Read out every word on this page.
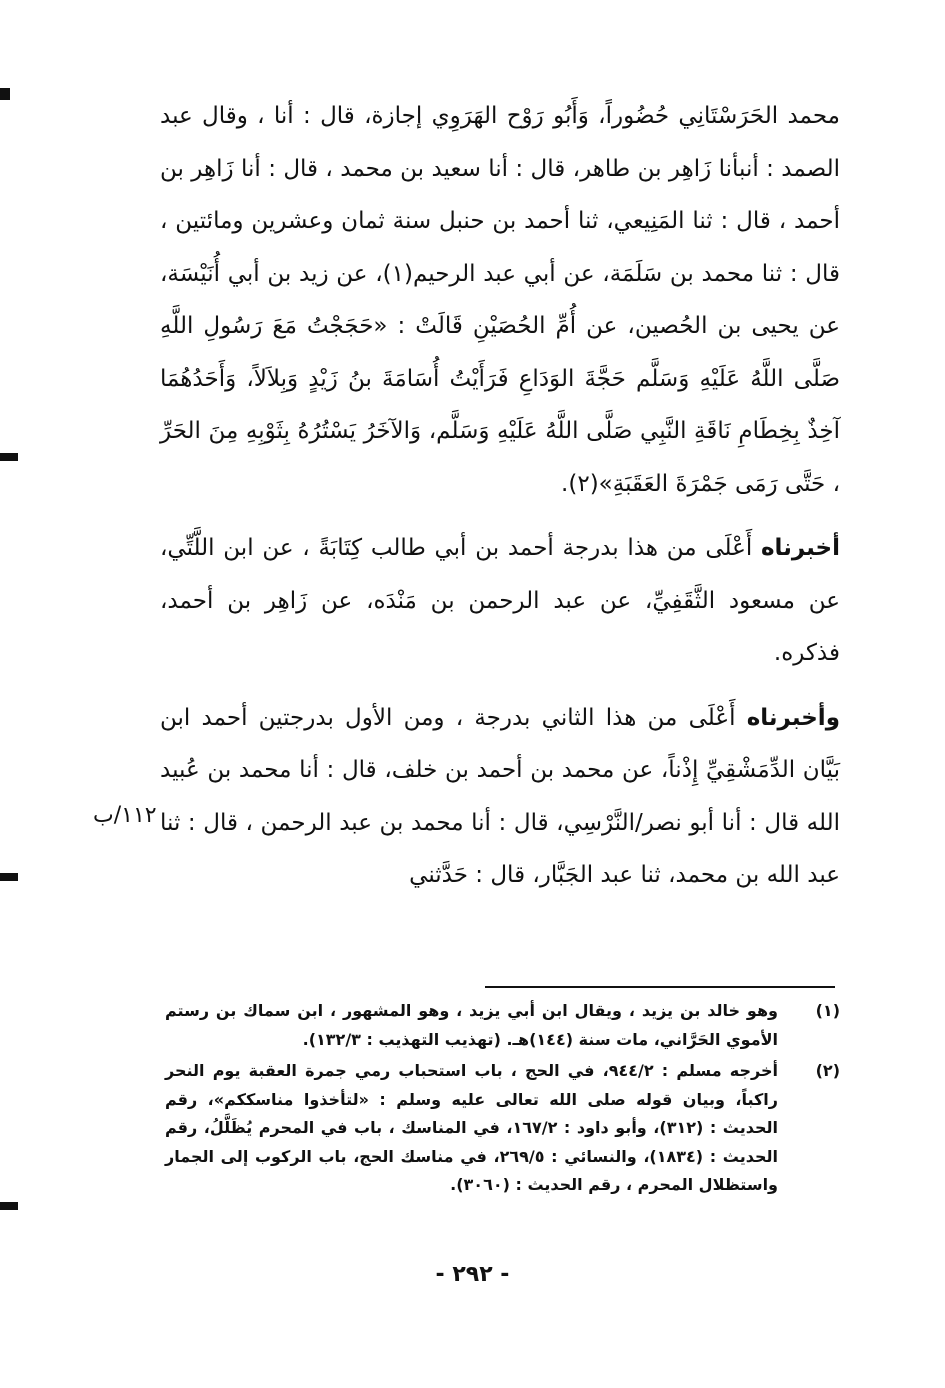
محمد الحَرَسْتَانِي حُضُوراً، وَأَبُو رَوْح الهَرَوِي إجازة، قال : أنا ، وقال عبد الصمد : أنبأنا زَاهِر بن طاهر، قال : أنا سعيد بن محمد ، قال : أنا زَاهِر بن أحمد ، قال : ثنا المَنِيعي، ثنا أحمد بن حنبل سنة ثمان وعشرين ومائتين ، قال : ثنا محمد بن سَلَمَة، عن أبي عبد الرحيم(١)، عن زيد بن أبي أُنَيْسَة، عن يحيى بن الحُصين، عن أُمِّ الحُصَيْنِ قَالَتْ : «حَجَجْتُ مَعَ رَسُولِ اللَّهِ صَلَّى اللَّهُ عَلَيْهِ وَسَلَّم حَجَّةَ الوَدَاعِ فَرَأَيْتُ أُسَامَةَ بنُ زَيْدٍ وَبِلاَلاً، وَأَحَدُهُمَا آخِذٌ بِخِطَامِ نَاقَةِ النَّبِي صَلَّى اللَّهُ عَلَيْهِ وَسَلَّم، وَالآخَرُ يَسْتُرُهُ بِثَوْبِهِ مِنَ الحَرِّ ، حَتَّى رَمَى جَمْرَةَ العَقَبَةِ»(٢).

أخبرناه أَعْلَى من هذا بدرجة أحمد بن أبي طالب كِتَابَةً ، عن ابن اللَّتِّي، عن مسعود الثَّقَفِيِّ، عن عبد الرحمن بن مَنْدَه، عن زَاهِر بن أحمد، فذكره.

وأخبرناه أَعْلَى من هذا الثاني بدرجة ، ومن الأول بدرجتين أحمد ابن بَيَّان الدِّمَشْقِيِّ إِذْناً، عن محمد بن أحمد بن خلف، قال : أنا محمد بن عُبيد الله قال : أنا أبو نصر/النَّرْسِي، قال : أنا محمد بن عبد الرحمن ، قال : ثنا عبد الله بن محمد، ثنا عبد الجَبَّار، قال : حَدَّثني

١١٢/ب
(١)
وهو خالد بن يزيد ، ويقال ابن أبي يزيد ، وهو المشهور ، ابن سماك بن رستم الأموي الحَرَّاني، مات سنة (١٤٤)هـ. (تهذيب التهذيب : ١٣٢/٣).
(٢)
أخرجه مسلم : ٩٤٤/٢، في الحج ، باب استحباب رمي جمرة العقبة يوم النحر راكباً، وبيان قوله صلى الله تعالى عليه وسلم : «لتأخذوا مناسككم»، رقم الحديث : (٣١٢)، وأبو داود : ١٦٧/٢، في المناسك ، باب في المحرم يُظَلَّلُ، رقم الحديث : (١٨٣٤)، والنسائي : ٢٦٩/٥، في مناسك الحج، باب الركوب إلى الجمار واستظلال المحرم ، رقم الحديث : (٣٠٦٠).
- ٢٩٢ -
